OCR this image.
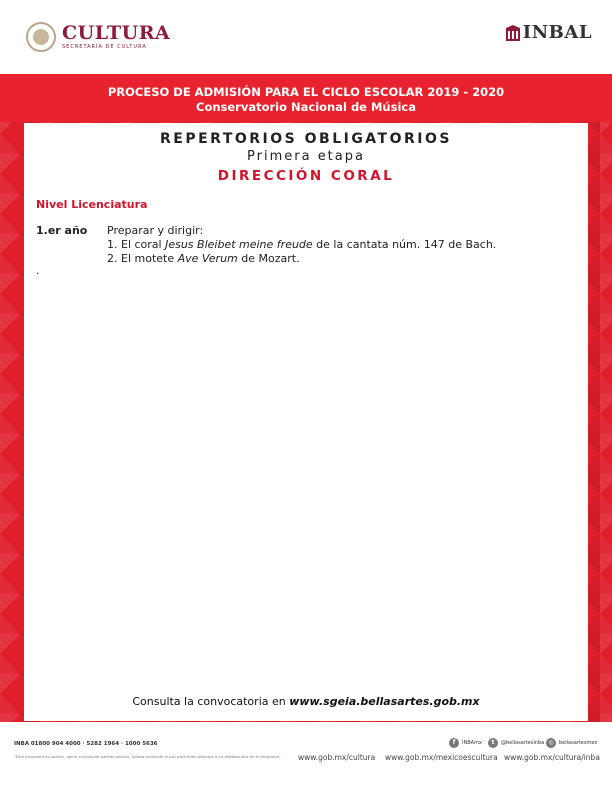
CULTURA
SECRETARÍA DE CULTURA
INBAL
PROCESO DE ADMISIÓN PARA EL CICLO ESCOLAR 2019 - 2020
Conservatorio Nacional de Música
REPERTORIOS OBLIGATORIOS
Primera etapa
DIRECCIÓN CORAL
Nivel Licenciatura
1.er año Preparar y dirigir:
1. El coral Jesus Bleibet meine freude de la cantata núm. 147 de Bach.
2. El motete Ave Verum de Mozart.
.
Consulta la convocatoria en www.sgeia.bellasartes.gob.mx
INBA 01800 904 4000 · 5282 1964 · 1000 5636
"Este programa es público, ajeno a cualquier partido político. Queda prohibido el uso para fines distintos a los establecidos en el programa"
f	INBAmx	t	@bellasartesinba ◎	bellasartesmex
www.gob.mx/cultura www.gob.mx/mexicoescultura www.gob.mx/cultura/inba
